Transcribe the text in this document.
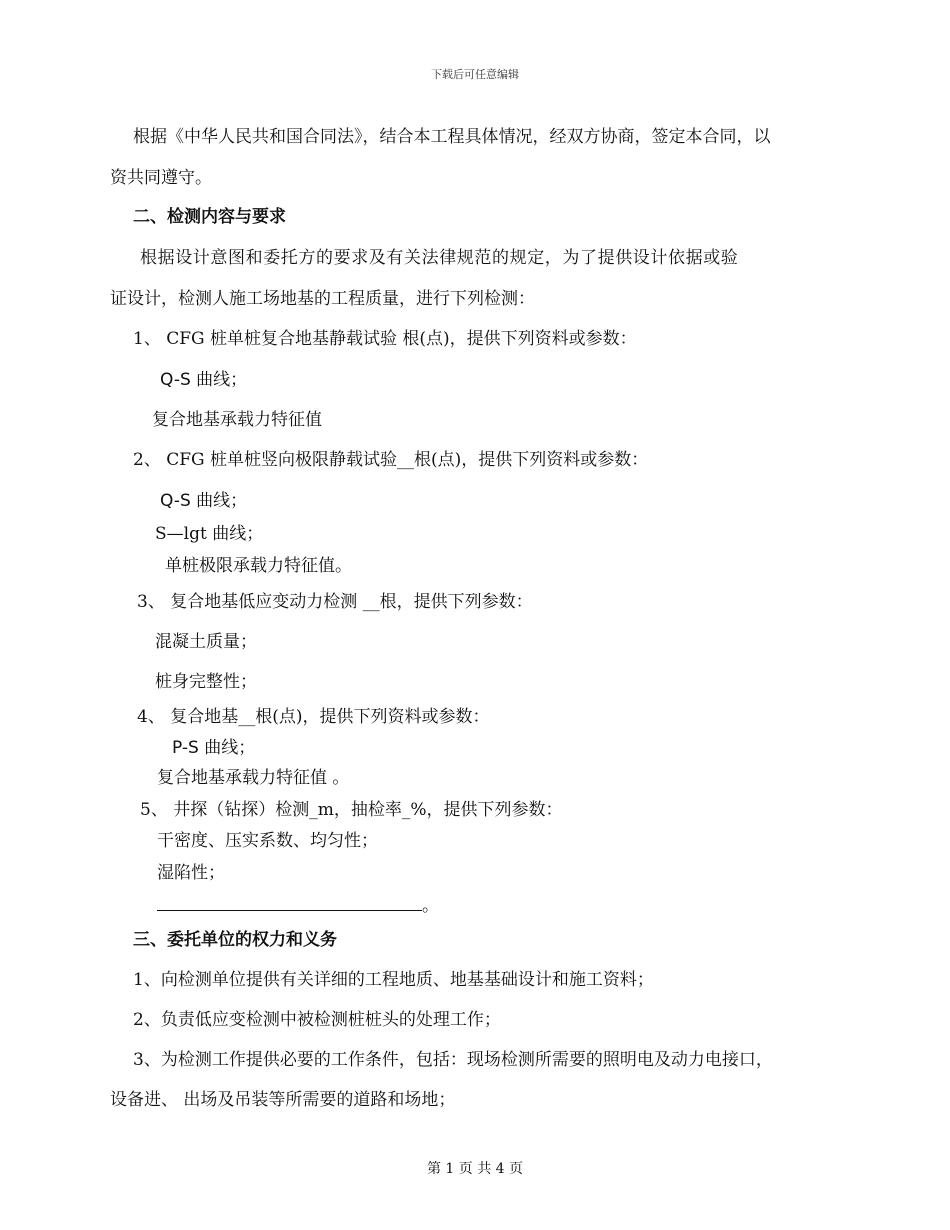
下载后可任意编辑
根据《中华人民共和国合同法》，结合本工程具体情况，经双方协商，签定本合同，以
资共同遵守。
二、检测内容与要求
根据设计意图和委托方的要求及有关法律规范的规定，为了提供设计依据或验
证设计，检测人施工场地基的工程质量，进行下列检测：
1、 CFG 桩单桩复合地基静载试验 根(点)，提供下列资料或参数：
Q-S 曲线；
复合地基承载力特征值
2、 CFG 桩单桩竖向极限静载试验__根(点)，提供下列资料或参数：
Q-S 曲线；
S—lgt 曲线；
单桩极限承载力特征值。
3、 复合地基低应变动力检测 __根，提供下列参数：
混凝土质量；
桩身完整性；
4、 复合地基__根(点)，提供下列资料或参数：
P-S 曲线；
复合地基承载力特征值 。
5、 井探（钻探）检测_m，抽检率_%，提供下列参数：
干密度、压实系数、均匀性；
湿陷性；
。
三、委托单位的权力和义务
1、向检测单位提供有关详细的工程地质、地基基础设计和施工资料；
2、负责低应变检测中被检测桩桩头的处理工作；
3、为检测工作提供必要的工作条件，包括：现场检测所需要的照明电及动力电接口，
设备进、 出场及吊装等所需要的道路和场地；
第 1 页 共 4 页
